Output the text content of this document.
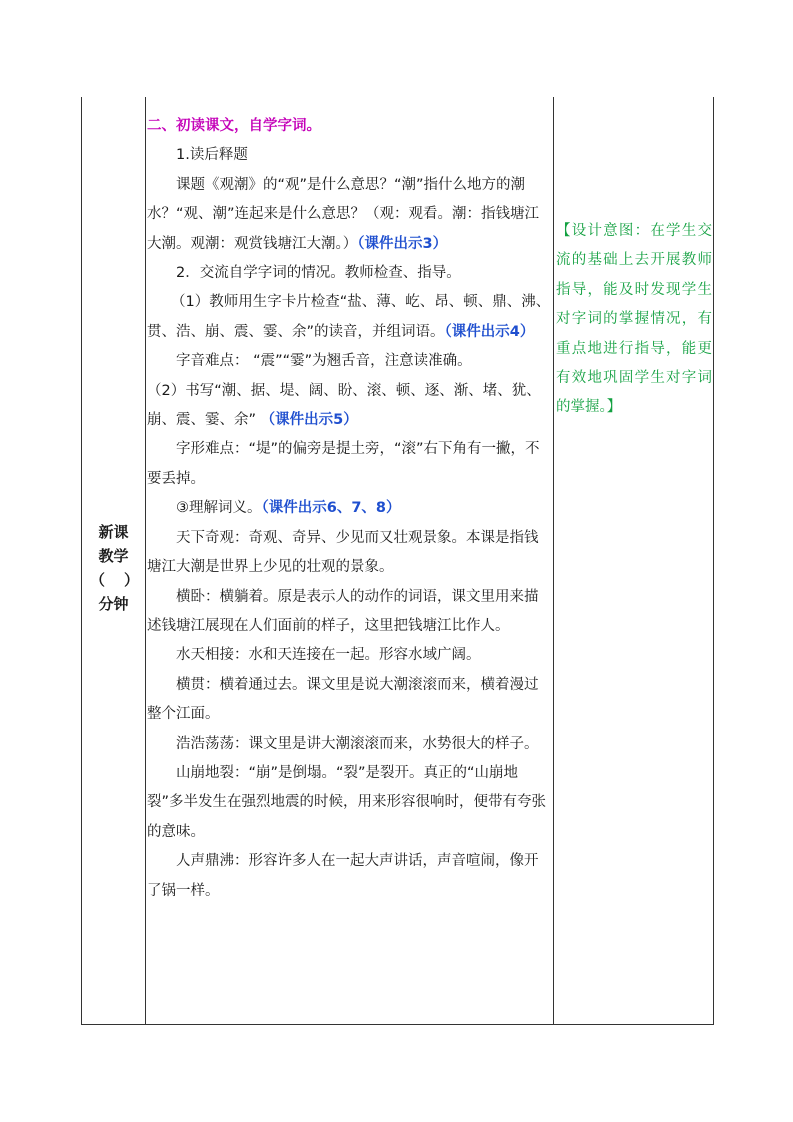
新课
教学
（ ）
分钟

二、初读课文，自学字词。

1.读后释题

课题《观潮》的“观”是什么意思？“潮”指什么地方的潮水？“观、潮”连起来是什么意思？（观：观看。潮：指钱塘江大潮。观潮：观赏钱塘江大潮。）（课件出示3）

2．交流自学字词的情况。教师检查、指导。

（1）教师用生字卡片检查“盐、薄、屹、昂、顿、鼎、沸、贯、浩、崩、震、霎、余”的读音，并组词语。（课件出示4）

字音难点： “震”“霎”为翘舌音，注意读准确。

（2）书写“潮、据、堤、阔、盼、滚、顿、逐、渐、堵、犹、崩、震、霎、余” （课件出示5）

字形难点：“堤”的偏旁是提土旁，“滚”右下角有一撇，不要丢掉。

③理解词义。（课件出示6、7、8）

天下奇观：奇观、奇异、少见而又壮观景象。本课是指钱塘江大潮是世界上少见的壮观的景象。

横卧：横躺着。原是表示人的动作的词语，课文里用来描述钱塘江展现在人们面前的样子，这里把钱塘江比作人。

水天相接：水和天连接在一起。形容水域广阔。

横贯：横着通过去。课文里是说大潮滚滚而来，横着漫过整个江面。

浩浩荡荡：课文里是讲大潮滚滚而来，水势很大的样子。

山崩地裂：“崩”是倒塌。“裂”是裂开。真正的“山崩地裂”多半发生在强烈地震的时候，用来形容很响时，便带有夸张的意味。

人声鼎沸：形容许多人在一起大声讲话，声音喧闹，像开了锅一样。

【设计意图：在学生交流的基础上去开展教师指导，能及时发现学生对字词的掌握情况，有重点地进行指导，能更有效地巩固学生对字词的掌握。】
